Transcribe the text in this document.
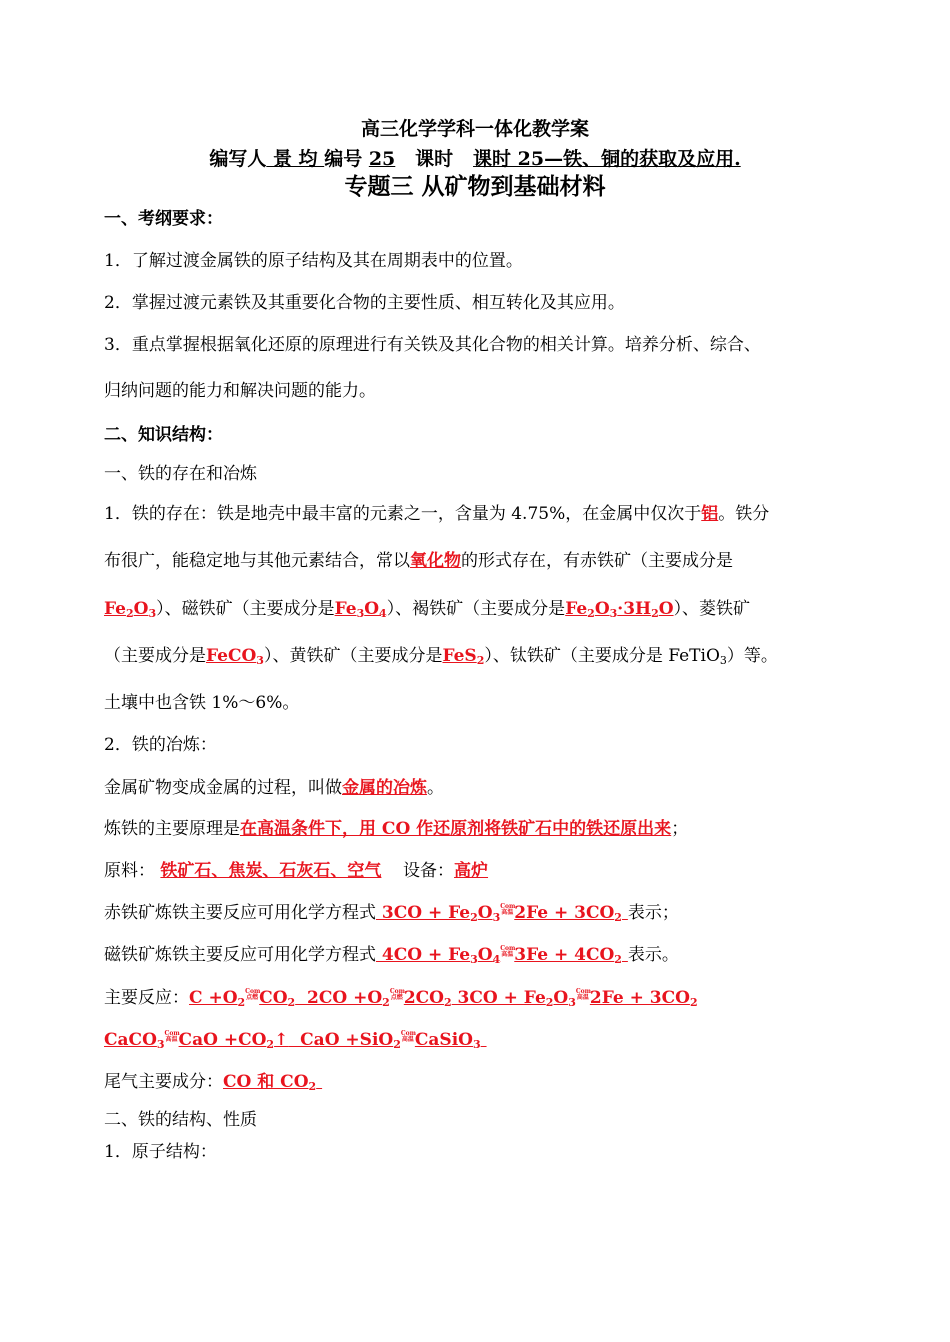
高三化学学科一体化教学案
编写人 景 均 编号 25 课时 课时 25—铁、铜的获取及应用.
专题三 从矿物到基础材料
一、考纲要求：
1．了解过渡金属铁的原子结构及其在周期表中的位置。
2．掌握过渡元素铁及其重要化合物的主要性质、相互转化及其应用。
3．重点掌握根据氧化还原的原理进行有关铁及其化合物的相关计算。培养分析、综合、
归纳问题的能力和解决问题的能力。
二、知识结构：
一、铁的存在和冶炼
1．铁的存在：铁是地壳中最丰富的元素之一，含量为 4.75%，在金属中仅次于铝。铁分
布很广，能稳定地与其他元素结合，常以氧化物的形式存在，有赤铁矿（主要成分是
$Fe_2O_3$）、磁铁矿（主要成分是$Fe_3O_4$）、褐铁矿（主要成分是$Fe_2O_3\cdot 3H_2O$）、菱铁矿
（主要成分是FeCO$_3$）、黄铁矿（主要成分是FeS$_2$）、钛铁矿（主要成分是 FeTiO$_3$）等。
土壤中也含铁 1%～6%。
2．铁的冶炼：
金属矿物变成金属的过程，叫做金属的冶炼。
炼铁的主要原理是在高温条件下，用 CO 作还原剂将铁矿石中的铁还原出来；
原料： 铁矿石、焦炭、石灰石、空气 设备：高炉
赤铁矿炼铁主要反应可用化学方程式 $3CO + Fe_2O_3Com$
高温$2Fe + 3CO_2$ 表示；
磁铁矿炼铁主要反应可用化学方程式 $4CO + Fe_3O_4Com$
高温$3Fe + 4CO_2$ 表示。
主要反应：$C +O_2Com$
点燃$CO_2$  $2CO +O_2Com$
点燃$2CO_2$ $3CO + Fe_2O_3Com$
高温$2Fe + 3CO_2$
CaCO$_3$Com
高温CaO $+CO_2↑$  CaO +SiO$_2$Com
高温CaSiO$_3$
尾气主要成分：CO 和 $CO_2$
二、铁的结构、性质
1．原子结构：
